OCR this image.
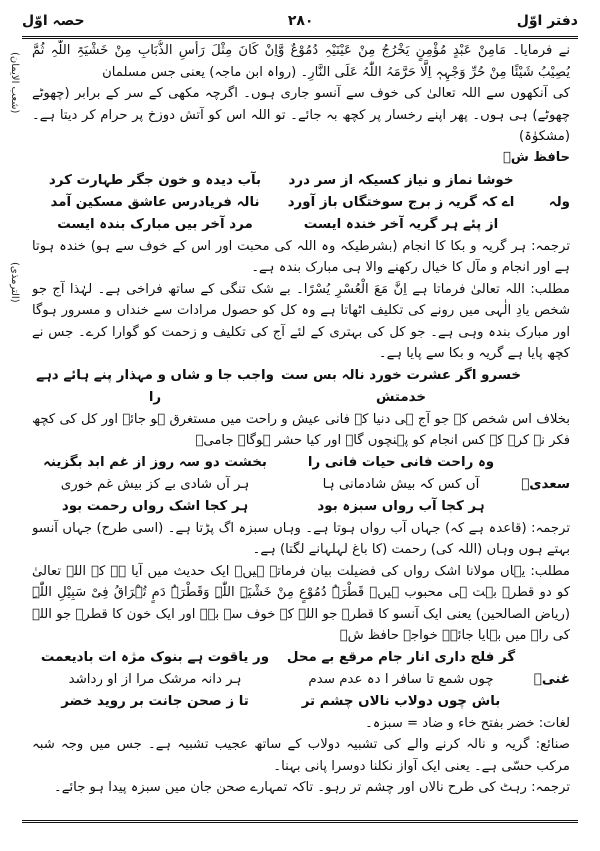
دفتر اوّل
۲۸۰
حصہ اوّل
(شعب الایمان)
(الترمذی)

نے فرمایا۔ مَامِنْ عَبْدٍ مُؤْمِنٍ یَخْرُجُ مِنْ عَیْنَیْہِ دُمُوْعٌ وَّاِنْ کَانَ مِثْلَ رَأْسِ الذُّبَابِ مِنْ خَشْیَۃِ اللّٰہِ ثُمَّ یُصِیْبُ شَیْئًا مِنْ حُرِّ وَجْہِہٖ اِلَّا حَرَّمَہُ اللّٰہُ عَلَی النَّارِ۔ (رواہ ابن ماجہ) یعنی جس مسلمان

کی آنکھوں سے اللہ تعالیٰ کی خوف سے آنسو جاری ہوں۔ اگرچہ مکھی کے سر کے برابر (چھوٹے چھوٹے) ہی ہوں۔ پھر اپنے رخسار پر کچھ بہ جائے۔ تو اللہ اس کو آتش دوزخ پر حرام کر دیتا ہے۔ (مشکوٰۃ)

حافظ شؔ

خوشا نماز و نیاز کسیکہ از سر درد
بآب دیدہ و خون جگر طہارت کرد
ولہ
اے کہ گریہ ز برج سوختگاں باز آورد
نالہ فریادرس عاشق مسکین آمد
از پئے ہر گریہ آخر خندہ ایست
مرد آخر بیں مبارک بندہ ایست

ترجمہ: ہر گریہ و بکا کا انجام (بشرطیکہ وہ اللہ کی محبت اور اس کے خوف سے ہو) خندہ ہوتا ہے اور انجام و مآل کا خیال رکھنے والا ہی مبارک بندہ ہے۔

مطلب: اللہ تعالیٰ فرماتا ہے اِنَّ مَعَ الْعُسْرِ یُسْرًا۔ بے شک تنگی کے ساتھ فراخی ہے۔ لہٰذا آج جو شخص یادِ الٰہی میں رونے کی تکلیف اٹھاتا ہے وہ کل کو حصول مرادات سے خنداں و مسرور ہوگا اور مبارک بندہ وہی ہے۔ جو کل کی بہتری کے لئے آج کی تکلیف و زحمت کو گوارا کرے۔ جس نے کچھ پایا ہے گریہ و بکا سے پایا ہے۔

خسرو اگر عشرت خورد نالہ بس ست خدمتش
واجب جا و شاں و مہذار پنے ہائے دہے را

بخلاف اس شخص کے جو آج ہی دنیا کے فانی عیش و راحت میں مستغرق ہو جائے اور کل کی کچھ فکر نہ کرے کہ کس انجام کو پہنچوں گا۔ اور کیا حشر ہوگا۔ جامیؔ

وہ راحت فانی حیات فانی را
بخشت دو سہ روز از غم ابد بگزینہ
سعدیؔ
آں کس کہ بیش شادمانی ہا
ہر آں شادی بے کز بیش غم خوری
ہر کجا آب رواں سبزہ بود
ہر کجا اشک رواں رحمت بود

ترجمہ: (قاعدہ ہے کہ) جہاں آب رواں ہوتا ہے۔ وہاں سبزہ اگ پڑتا ہے۔ (اسی طرح) جہاں آنسو بہتے ہوں وہاں (اللہ کی) رحمت (کا باغ لہلہانے لگتا) ہے۔

مطلب: یہاں مولانا اشک رواں کی فضیلت بیان فرماتے ہیں۔ ایک حدیث میں آیا ہے کہ اللہ تعالیٰ کو دو قطرے بہت ہی محبوب ہیں۔ قَطْرَۃُ دُمُوْعٍ مِنْ خَشْیَۃِ اللّٰہِ وَقَطْرَۃُ دَمٍ تُہْرَاقُ فِیْ سَبِیْلِ اللّٰہِ (ریاض الصالحین) یعنی ایک آنسو کا قطرہ جو اللہ کے خوف سے بہے اور ایک خون کا قطرہ جو اللہ کی راہ میں بہایا جائے۔ خواجہ حافظ شؔ

گر فلج داری انار جام مرقع بے محل
ور یاقوت ہے بنوک مژہ ات بادیعمت
غنیؔ
چوں شمع تا سافر ا دہ عدم سدم
ہر دانہ مرشک مرا از او رداشد
باش چوں دولاب نالاں چشم تر
تا ز صحن جانت بر روید خضر

لغات: خضر بفتح خاء و ضاد = سبزہ۔

صنائع: گریہ و نالہ کرنے والے کی تشبیہ دولاب کے ساتھ عجیب تشبیہ ہے۔ جس میں وجہ شبہ مرکب حسّی ہے۔ یعنی ایک آواز نکلنا دوسرا پانی بہنا۔

ترجمہ: رہٹ کی طرح نالاں اور چشم تر رہو۔ تاکہ تمہارے صحن جان میں سبزہ پیدا ہو جائے۔
